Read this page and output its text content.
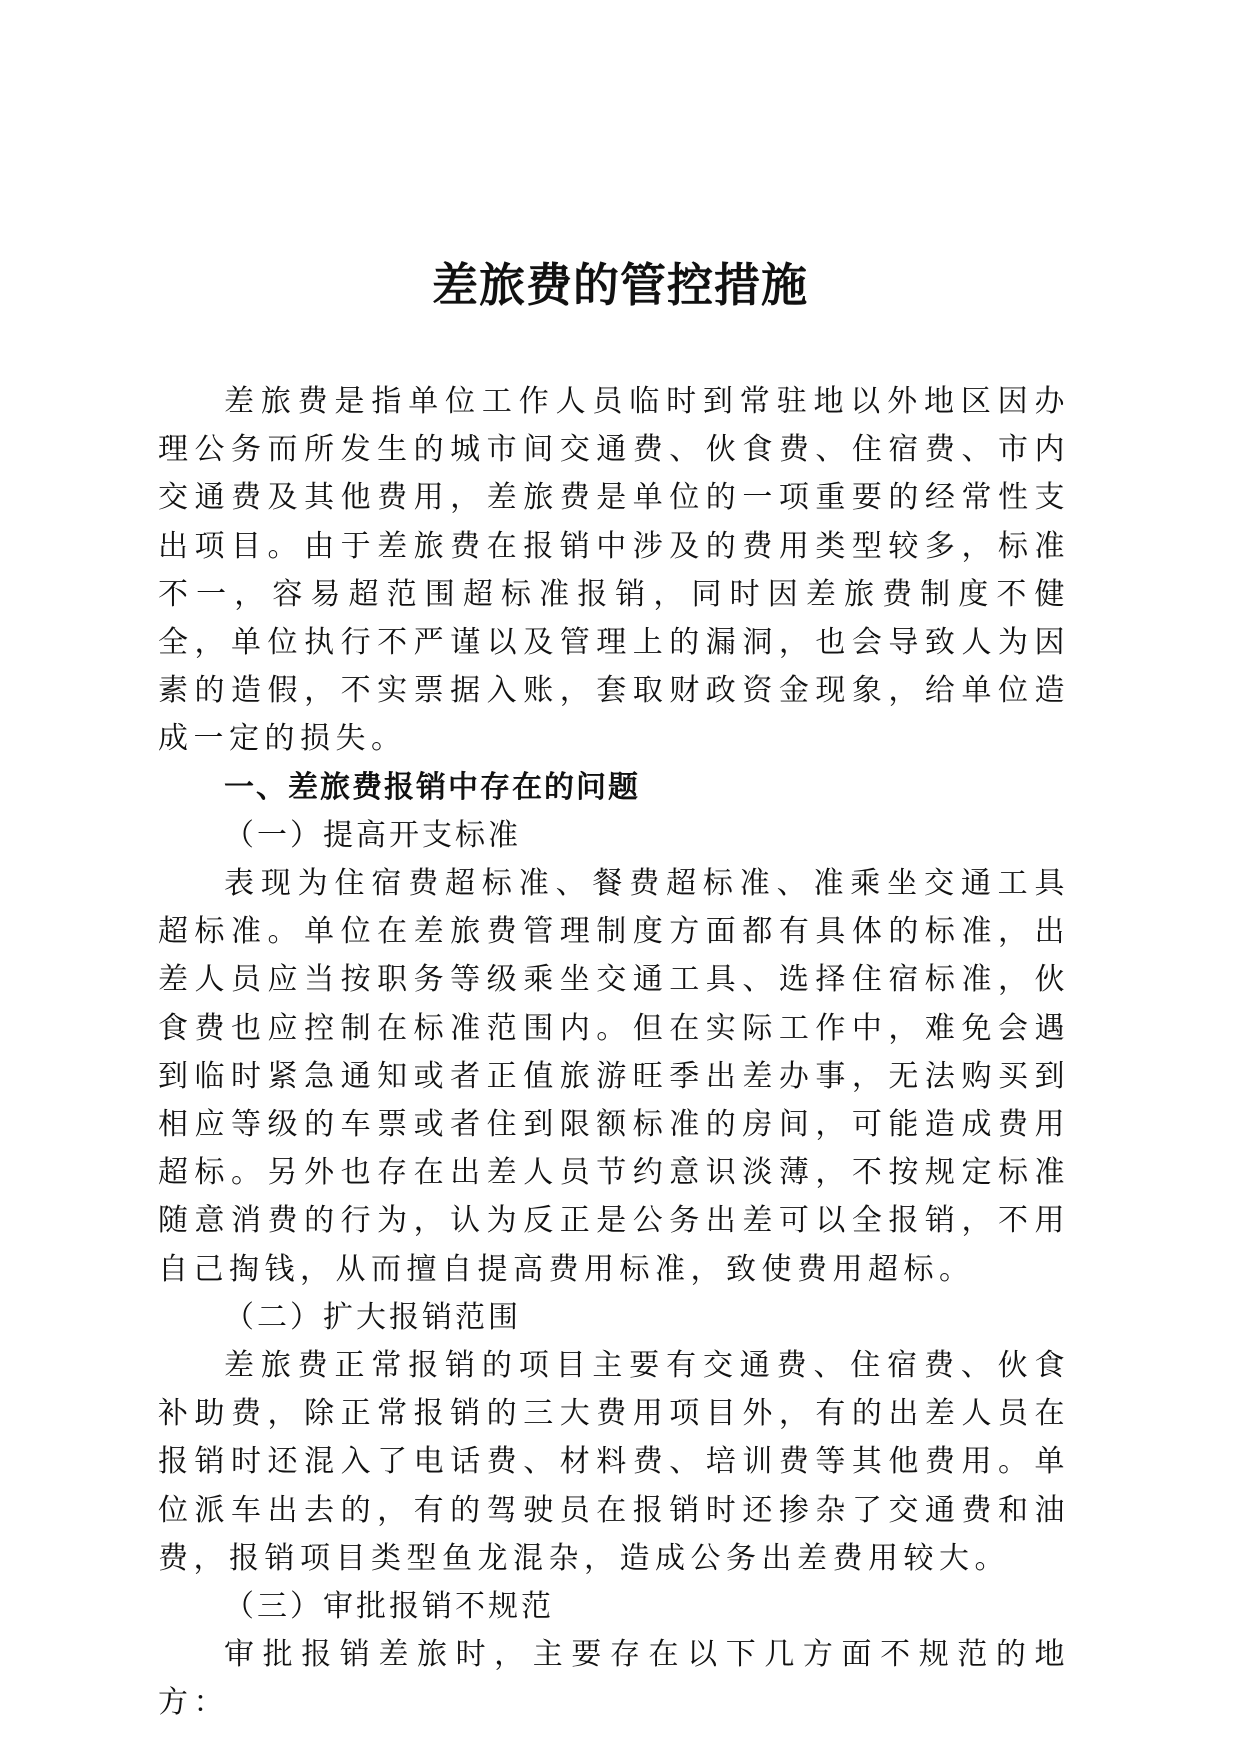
差旅费的管控措施

差旅费是指单位工作人员临时到常驻地以外地区因办理公务而所发生的城市间交通费、伙食费、住宿费、市内交通费及其他费用，差旅费是单位的一项重要的经常性支出项目。由于差旅费在报销中涉及的费用类型较多，标准不一，容易超范围超标准报销，同时因差旅费制度不健全，单位执行不严谨以及管理上的漏洞，也会导致人为因素的造假，不实票据入账，套取财政资金现象，给单位造成一定的损失。

一、差旅费报销中存在的问题

（一）提高开支标准

表现为住宿费超标准、餐费超标准、准乘坐交通工具超标准。单位在差旅费管理制度方面都有具体的标准，出差人员应当按职务等级乘坐交通工具、选择住宿标准，伙食费也应控制在标准范围内。但在实际工作中，难免会遇到临时紧急通知或者正值旅游旺季出差办事，无法购买到相应等级的车票或者住到限额标准的房间，可能造成费用超标。另外也存在出差人员节约意识淡薄，不按规定标准随意消费的行为，认为反正是公务出差可以全报销，不用自己掏钱，从而擅自提高费用标准，致使费用超标。

（二）扩大报销范围

差旅费正常报销的项目主要有交通费、住宿费、伙食补助费，除正常报销的三大费用项目外，有的出差人员在报销时还混入了电话费、材料费、培训费等其他费用。单位派车出去的，有的驾驶员在报销时还掺杂了交通费和油费，报销项目类型鱼龙混杂，造成公务出差费用较大。

（三）审批报销不规范

审批报销差旅时，主要存在以下几方面不规范的地方：
